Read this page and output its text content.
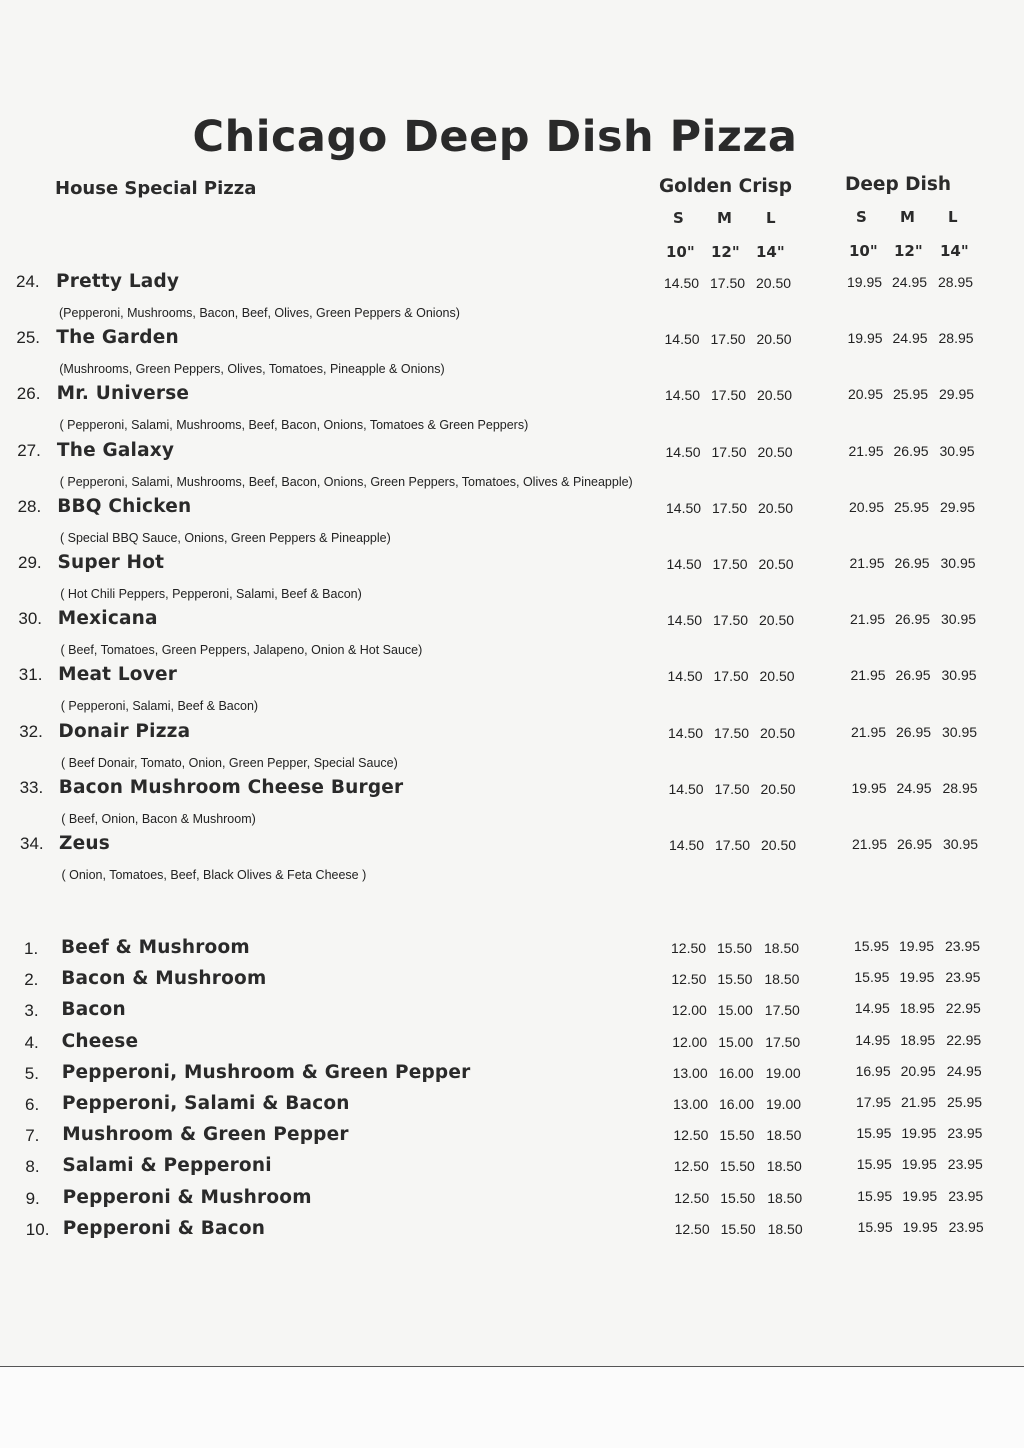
Chicago Deep Dish Pizza
House Special Pizza	Golden Crisp	Deep Dish
S M L	S M L
10" 12" 14"	10" 12" 14"
24. Pretty Lady
(Pepperoni, Mushrooms, Bacon, Beef, Olives, Green Peppers & Onions)
14.50 17.50 20.50	19.95 24.95 28.95
25. The Garden
(Mushrooms, Green Peppers, Olives, Tomatoes, Pineapple & Onions)
14.50 17.50 20.50	19.95 24.95 28.95
26. Mr. Universe
( Pepperoni, Salami, Mushrooms, Beef, Bacon, Onions, Tomatoes & Green Peppers)
14.50 17.50 20.50	20.95 25.95 29.95
27. The Galaxy
( Pepperoni, Salami, Mushrooms, Beef, Bacon, Onions, Green Peppers, Tomatoes, Olives & Pineapple)
14.50 17.50 20.50	21.95 26.95 30.95
28. BBQ Chicken
( Special BBQ Sauce, Onions, Green Peppers & Pineapple)
14.50 17.50 20.50	20.95 25.95 29.95
29. Super Hot
( Hot Chili Peppers, Pepperoni, Salami, Beef & Bacon)
14.50 17.50 20.50	21.95 26.95 30.95
30. Mexicana
( Beef, Tomatoes, Green Peppers, Jalapeno, Onion & Hot Sauce)
14.50 17.50 20.50	21.95 26.95 30.95
31. Meat Lover
( Pepperoni, Salami, Beef & Bacon)
14.50 17.50 20.50	21.95 26.95 30.95
32. Donair Pizza
( Beef Donair, Tomato, Onion, Green Pepper, Special Sauce)
14.50 17.50 20.50	21.95 26.95 30.95
33. Bacon Mushroom Cheese Burger
( Beef, Onion, Bacon & Mushroom)
14.50 17.50 20.50	19.95 24.95 28.95
34. Zeus
( Onion, Tomatoes, Beef, Black Olives & Feta Cheese )
14.50 17.50 20.50	21.95 26.95 30.95
1. Beef & Mushroom	12.50 15.50 18.50	15.95 19.95 23.95
2. Bacon & Mushroom	12.50 15.50 18.50	15.95 19.95 23.95
3. Bacon	12.00 15.00 17.50	14.95 18.95 22.95
4. Cheese	12.00 15.00 17.50	14.95 18.95 22.95
5. Pepperoni, Mushroom & Green Pepper	13.00 16.00 19.00	16.95 20.95 24.95
6. Pepperoni, Salami & Bacon	13.00 16.00 19.00	17.95 21.95 25.95
7. Mushroom & Green Pepper	12.50 15.50 18.50	15.95 19.95 23.95
8. Salami & Pepperoni	12.50 15.50 18.50	15.95 19.95 23.95
9. Pepperoni & Mushroom	12.50 15.50 18.50	15.95 19.95 23.95
10. Pepperoni & Bacon	12.50 15.50 18.50	15.95 19.95 23.95
